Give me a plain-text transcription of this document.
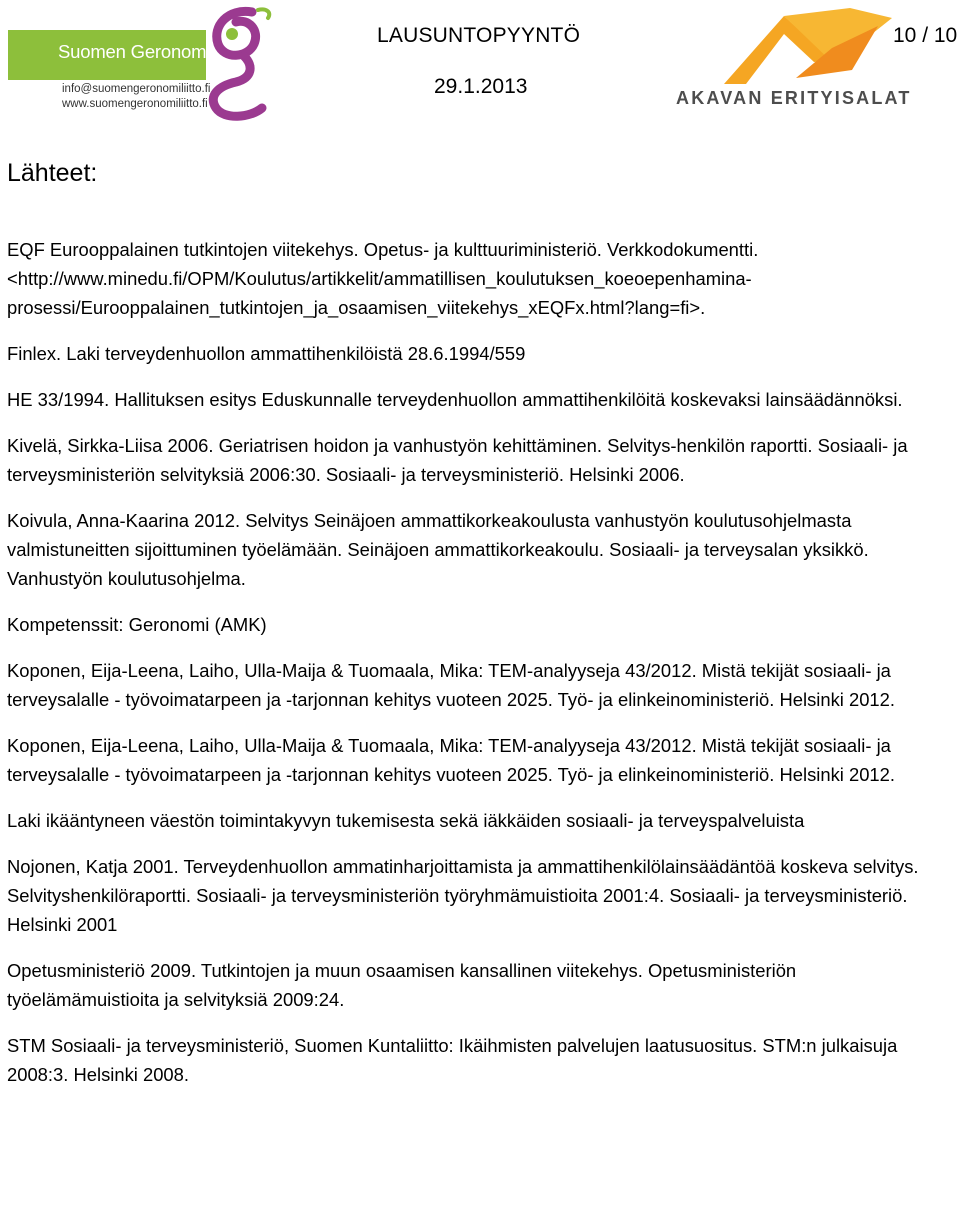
Suomen Geronomiliitto ry
info@suomengeronomiliitto.fi
www.suomengeronomiliitto.fi
LAUSUNTOPYYNTÖ
29.1.2013
10 / 10
AKAVAN ERITYISALAT
Lähteet:
EQF Eurooppalainen tutkintojen viitekehys. Opetus- ja kulttuuriministeriö. Verkkodokumentti. <http://www.minedu.fi/OPM/Koulutus/artikkelit/ammatillisen_koulutuksen_koeoepenhamina-prosessi/Eurooppalainen_tutkintojen_ja_osaamisen_viitekehys_xEQFx.html?lang=fi>.
Finlex. Laki terveydenhuollon ammattihenkilöistä 28.6.1994/559
HE 33/1994. Hallituksen esitys Eduskunnalle terveydenhuollon ammattihenkilöitä koskevaksi lainsäädännöksi.
Kivelä, Sirkka-Liisa 2006. Geriatrisen hoidon ja vanhustyön kehittäminen. Selvitys-henkilön raportti. Sosiaali- ja terveysministeriön selvityksiä 2006:30. Sosiaali- ja terveysministeriö. Helsinki 2006.
Koivula, Anna-Kaarina 2012. Selvitys Seinäjoen ammattikorkeakoulusta vanhustyön koulutusohjelmasta valmistuneitten sijoittuminen työelämään. Seinäjoen ammattikorkeakoulu. Sosiaali- ja terveysalan yksikkö. Vanhustyön koulutusohjelma.
Kompetenssit: Geronomi (AMK)
Koponen, Eija-Leena, Laiho, Ulla-Maija & Tuomaala, Mika: TEM-analyyseja 43/2012. Mistä tekijät sosiaali- ja terveysalalle - työvoimatarpeen ja -tarjonnan kehitys vuoteen 2025. Työ- ja elinkeinoministeriö. Helsinki 2012.
Koponen, Eija-Leena, Laiho, Ulla-Maija & Tuomaala, Mika: TEM-analyyseja 43/2012. Mistä tekijät sosiaali- ja terveysalalle - työvoimatarpeen ja -tarjonnan kehitys vuoteen 2025. Työ- ja elinkeinoministeriö. Helsinki 2012.
Laki ikääntyneen väestön toimintakyvyn tukemisesta sekä iäkkäiden sosiaali- ja terveyspalveluista
Nojonen, Katja 2001. Terveydenhuollon ammatinharjoittamista ja ammattihenkilölainsäädäntöä koskeva selvitys. Selvityshenkilöraportti. Sosiaali- ja terveysministeriön työryhmämuistioita 2001:4. Sosiaali- ja terveysministeriö. Helsinki 2001
Opetusministeriö 2009. Tutkintojen ja muun osaamisen kansallinen viitekehys. Opetusministeriön työelämämuistioita ja selvityksiä 2009:24.
STM Sosiaali- ja terveysministeriö, Suomen Kuntaliitto: Ikäihmisten palvelujen laatusuositus. STM:n julkaisuja 2008:3. Helsinki 2008.
